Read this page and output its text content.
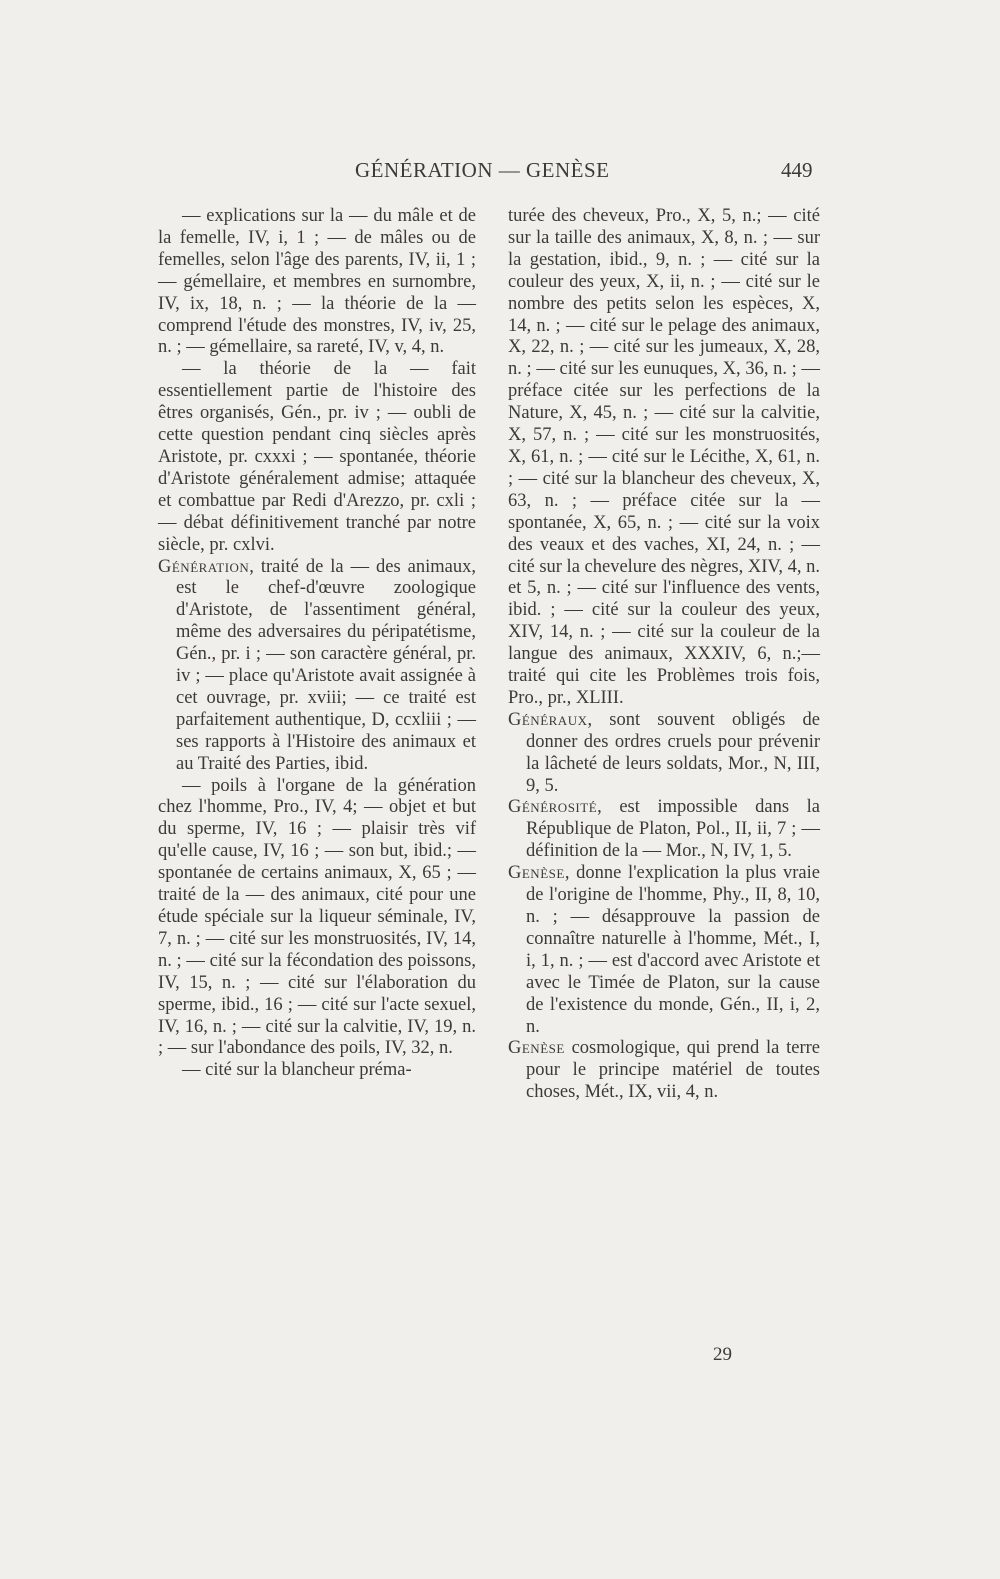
GÉNÉRATION — GENÈSE	449

— explications sur la — du mâle et de la femelle, IV, i, 1 ; — de mâles ou de femelles, selon l'âge des parents, IV, ii, 1 ; — gémellaire, et membres en surnombre, IV, ix, 18, n. ; — la théorie de la — comprend l'étude des monstres, IV, iv, 25, n. ; — gémellaire, sa rareté, IV, v, 4, n.

— la théorie de la — fait essentiellement partie de l'histoire des êtres organisés, Gén., pr. iv ; — oubli de cette question pendant cinq siècles après Aristote, pr. cxxxi ; — spontanée, théorie d'Aristote généralement admise; attaquée et combattue par Redi d'Arezzo, pr. cxli ; — débat définitivement tranché par notre siècle, pr. cxlvi.

Génération, traité de la — des animaux, est le chef-d'œuvre zoologique d'Aristote, de l'assentiment général, même des adversaires du péripatétisme, Gén., pr. i ; — son caractère général, pr. iv ; — place qu'Aristote avait assignée à cet ouvrage, pr. xviii; — ce traité est parfaitement authentique, D, ccxliii ; — ses rapports à l'Histoire des animaux et au Traité des Parties, ibid.

— poils à l'organe de la génération chez l'homme, Pro., IV, 4; — objet et but du sperme, IV, 16 ; — plaisir très vif qu'elle cause, IV, 16 ; — son but, ibid.; — spontanée de certains animaux, X, 65 ; — traité de la — des animaux, cité pour une étude spéciale sur la liqueur séminale, IV, 7, n. ; — cité sur les monstruosités, IV, 14, n. ; — cité sur la fécondation des poissons, IV, 15, n. ; — cité sur l'élaboration du sperme, ibid., 16 ; — cité sur l'acte sexuel, IV, 16, n. ; — cité sur la calvitie, IV, 19, n. ; — sur l'abondance des poils, IV, 32, n.

— cité sur la blancheur préma-

turée des cheveux, Pro., X, 5, n.; — cité sur la taille des animaux, X, 8, n. ; — sur la gestation, ibid., 9, n. ; — cité sur la couleur des yeux, X, ii, n. ; — cité sur le nombre des petits selon les espèces, X, 14, n. ; — cité sur le pelage des animaux, X, 22, n. ; — cité sur les jumeaux, X, 28, n. ; — cité sur les eunuques, X, 36, n. ; — préface citée sur les perfections de la Nature, X, 45, n. ; — cité sur la calvitie, X, 57, n. ; — cité sur les monstruosités, X, 61, n. ; — cité sur le Lécithe, X, 61, n. ; — cité sur la blancheur des cheveux, X, 63, n. ; — préface citée sur la — spontanée, X, 65, n. ; — cité sur la voix des veaux et des vaches, XI, 24, n. ; — cité sur la chevelure des nègres, XIV, 4, n. et 5, n. ; — cité sur l'influence des vents, ibid. ; — cité sur la couleur des yeux, XIV, 14, n. ; — cité sur la couleur de la langue des animaux, XXXIV, 6, n.;— traité qui cite les Problèmes trois fois, Pro., pr., XLIII.

Généraux, sont souvent obligés de donner des ordres cruels pour prévenir la lâcheté de leurs soldats, Mor., N, III, 9, 5.

Générosité, est impossible dans la République de Platon, Pol., II, ii, 7 ; — définition de la — Mor., N, IV, 1, 5.

Genèse, donne l'explication la plus vraie de l'origine de l'homme, Phy., II, 8, 10, n. ; — désapprouve la passion de connaître naturelle à l'homme, Mét., I, i, 1, n. ; — est d'accord avec Aristote et avec le Timée de Platon, sur la cause de l'existence du monde, Gén., II, i, 2, n.

Genèse cosmologique, qui prend la terre pour le principe matériel de toutes choses, Mét., IX, vii, 4, n.

29
